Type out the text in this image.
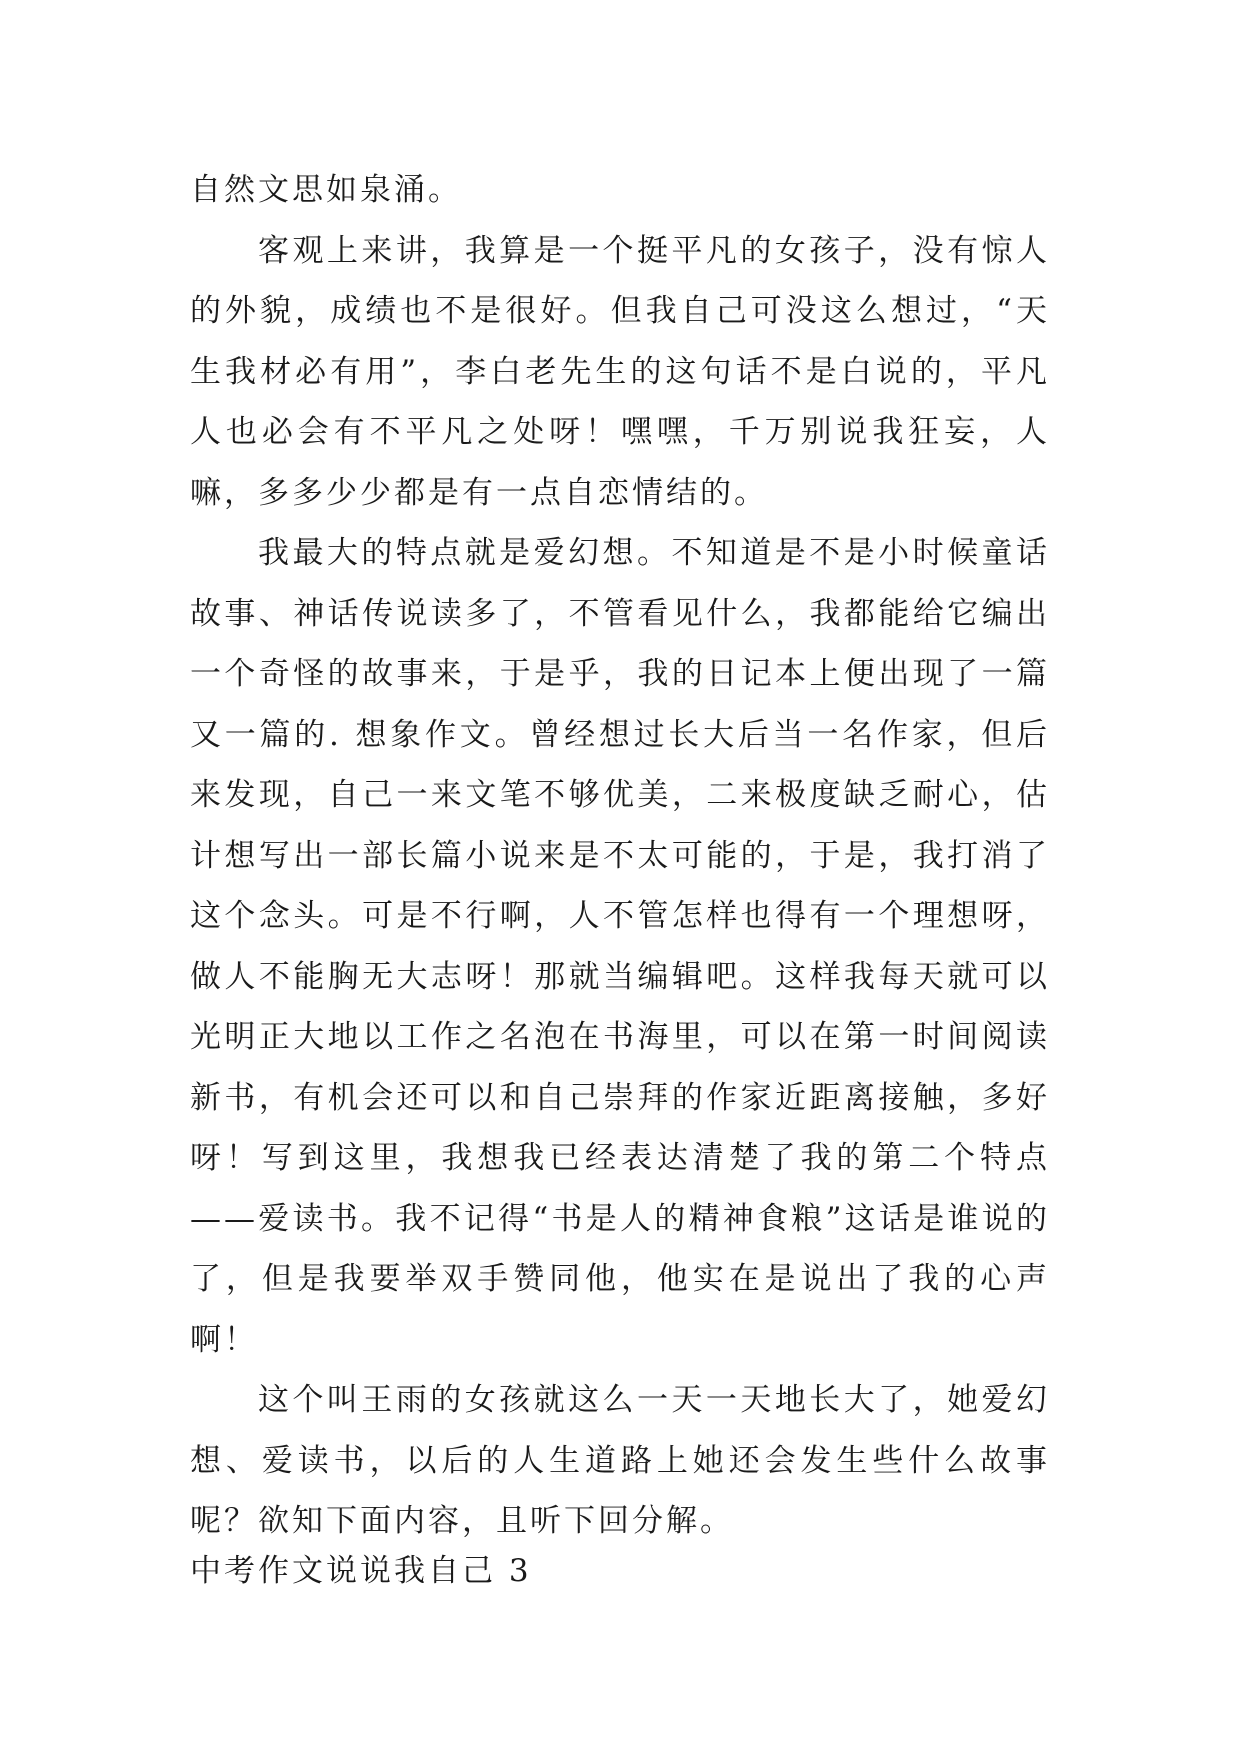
自然文思如泉涌。

客观上来讲，我算是一个挺平凡的女孩子，没有惊人的外貌，成绩也不是很好。但我自己可没这么想过，“天生我材必有用”，李白老先生的这句话不是白说的，平凡人也必会有不平凡之处呀！嘿嘿，千万别说我狂妄，人嘛，多多少少都是有一点自恋情结的。

我最大的特点就是爱幻想。不知道是不是小时候童话故事、神话传说读多了，不管看见什么，我都能给它编出一个奇怪的故事来，于是乎，我的日记本上便出现了一篇又一篇的. 想象作文。曾经想过长大后当一名作家，但后来发现，自己一来文笔不够优美，二来极度缺乏耐心，估计想写出一部长篇小说来是不太可能的，于是，我打消了这个念头。可是不行啊，人不管怎样也得有一个理想呀，做人不能胸无大志呀！那就当编辑吧。这样我每天就可以光明正大地以工作之名泡在书海里，可以在第一时间阅读新书，有机会还可以和自己崇拜的作家近距离接触，多好呀！写到这里，我想我已经表达清楚了我的第二个特点——爱读书。我不记得“书是人的精神食粮”这话是谁说的了，但是我要举双手赞同他，他实在是说出了我的心声啊！

这个叫王雨的女孩就这么一天一天地长大了，她爱幻想、爱读书，以后的人生道路上她还会发生些什么故事呢？欲知下面内容，且听下回分解。

中考作文说说我自己 3
